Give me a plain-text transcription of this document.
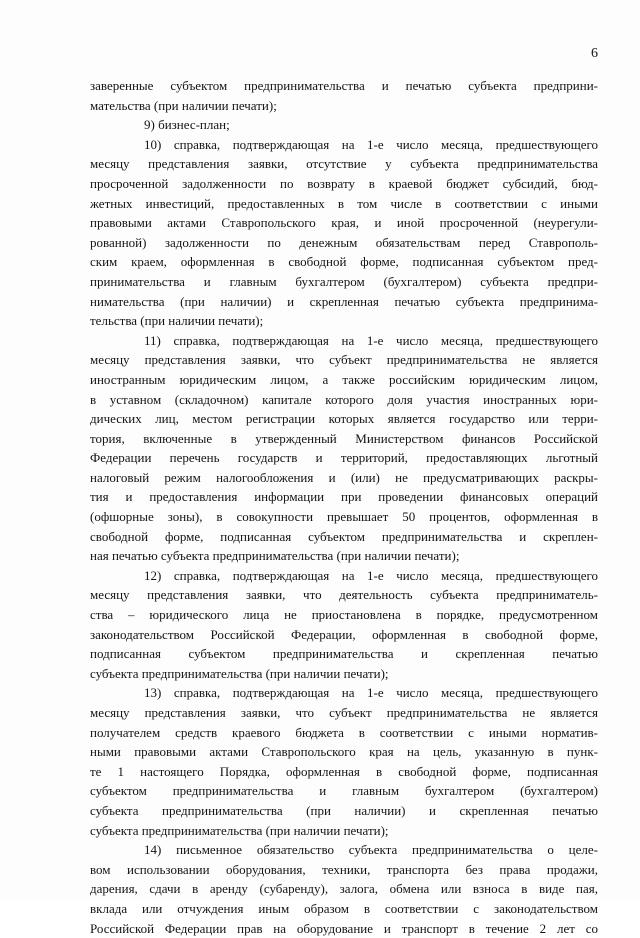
6
заверенные субъектом предпринимательства и печатью субъекта предприни-
мательства (при наличии печати);
9) бизнес-план;
10) справка, подтверждающая на 1-е число месяца, предшествующего
месяцу представления заявки, отсутствие у субъекта предпринимательства
просроченной задолженности по возврату в краевой бюджет субсидий, бюд-
жетных инвестиций, предоставленных в том числе в соответствии с иными
правовыми актами Ставропольского края, и иной просроченной (неурегули-
рованной) задолженности по денежным обязательствам перед Ставрополь-
ским краем, оформленная в свободной форме, подписанная субъектом пред-
принимательства и главным бухгалтером (бухгалтером) субъекта предпри-
нимательства (при наличии) и скрепленная печатью субъекта предпринима-
тельства (при наличии печати);
11) справка, подтверждающая на 1-е число месяца, предшествующего
месяцу представления заявки, что субъект предпринимательства не является
иностранным юридическим лицом, а также российским юридическим лицом,
в уставном (складочном) капитале которого доля участия иностранных юри-
дических лиц, местом регистрации которых является государство или терри-
тория, включенные в утвержденный Министерством финансов Российской
Федерации перечень государств и территорий, предоставляющих льготный
налоговый режим налогообложения и (или) не предусматривающих раскры-
тия и предоставления информации при проведении финансовых операций
(офшорные зоны), в совокупности превышает 50 процентов, оформленная в
свободной форме, подписанная субъектом предпринимательства и скреплен-
ная печатью субъекта предпринимательства (при наличии печати);
12) справка, подтверждающая на 1-е число месяца, предшествующего
месяцу представления заявки, что деятельность субъекта предприниматель-
ства – юридического лица не приостановлена в порядке, предусмотренном
законодательством Российской Федерации, оформленная в свободной форме,
подписанная субъектом предпринимательства и скрепленная печатью
субъекта предпринимательства (при наличии печати);
13) справка, подтверждающая на 1-е число месяца, предшествующего
месяцу представления заявки, что субъект предпринимательства не является
получателем средств краевого бюджета в соответствии с иными норматив-
ными правовыми актами Ставропольского края на цель, указанную в пунк-
те 1 настоящего Порядка, оформленная в свободной форме, подписанная
субъектом предпринимательства и главным бухгалтером (бухгалтером)
субъекта предпринимательства (при наличии) и скрепленная печатью
субъекта предпринимательства (при наличии печати);
14) письменное обязательство субъекта предпринимательства о целе-
вом использовании оборудования, техники, транспорта без права продажи,
дарения, сдачи в аренду (субаренду), залога, обмена или взноса в виде пая,
вклада или отчуждения иным образом в соответствии с законодательством
Российской Федерации прав на оборудование и транспорт в течение 2 лет со
